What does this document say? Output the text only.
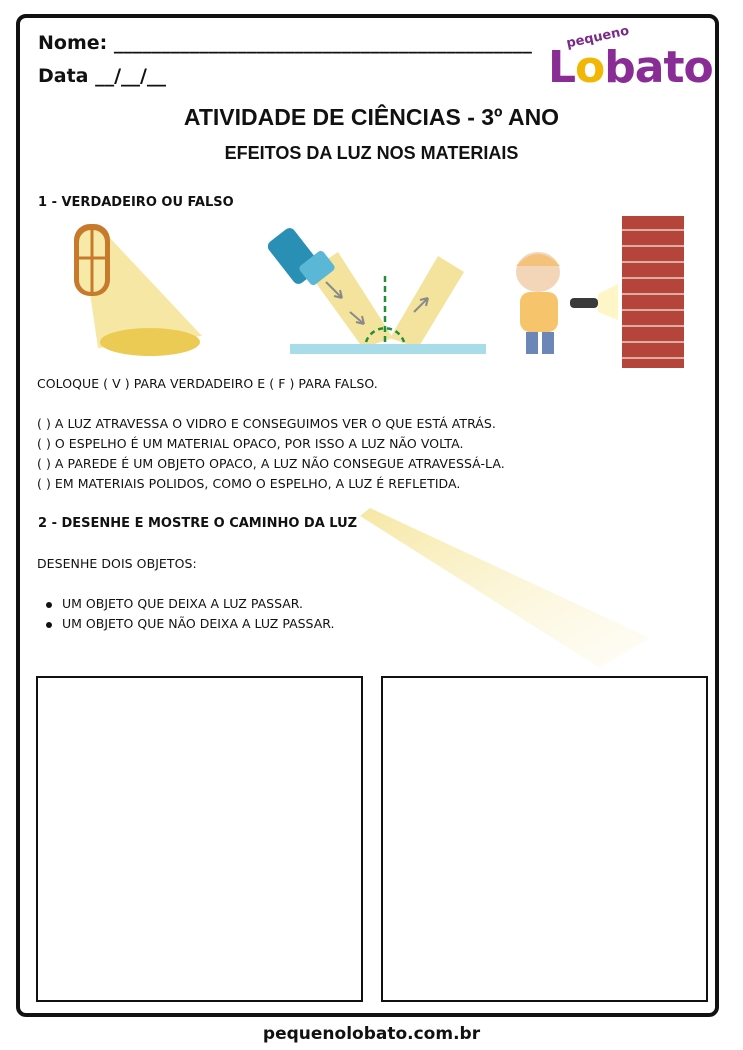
Nome: ____________________________________________
Data __/__/__
pequeno
Lobato
ATIVIDADE DE CIÊNCIAS - 3º ANO
EFEITOS DA LUZ NOS MATERIAIS
1 - VERDADEIRO OU FALSO
COLOQUE ( V ) PARA VERDADEIRO E ( F ) PARA FALSO.
( ) A LUZ ATRAVESSA O VIDRO E CONSEGUIMOS VER O QUE ESTÁ ATRÁS.
( ) O ESPELHO É UM MATERIAL OPACO, POR ISSO A LUZ NÃO VOLTA.
( ) A PAREDE É UM OBJETO OPACO, A LUZ NÃO CONSEGUE ATRAVESSÁ-LA.
( ) EM MATERIAIS POLIDOS, COMO O ESPELHO, A LUZ É REFLETIDA.
2 - DESENHE E MOSTRE O CAMINHO DA LUZ
DESENHE DOIS OBJETOS:
UM OBJETO QUE DEIXA A LUZ PASSAR.
UM OBJETO QUE NÃO DEIXA A LUZ PASSAR.
pequenolobato.com.br
